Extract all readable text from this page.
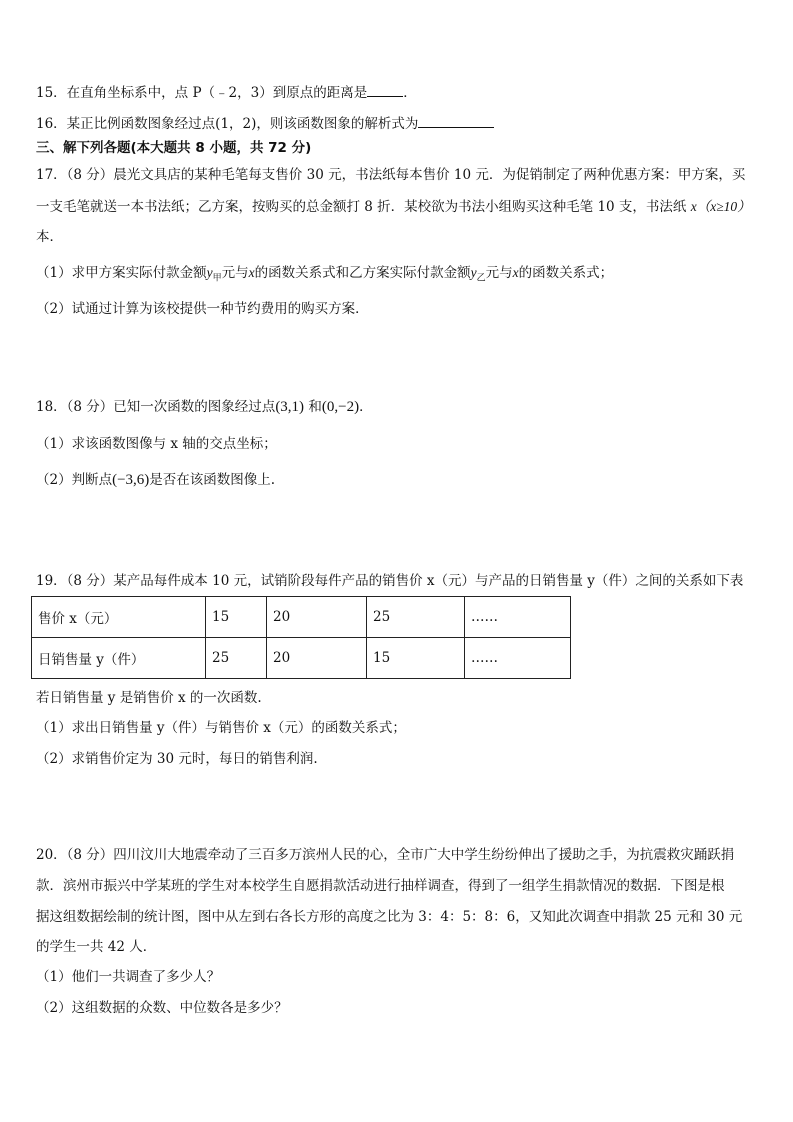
15．在直角坐标系中，点 P（﹣2，3）到原点的距离是	．
16．某正比例函数图象经过点(1，2)，则该函数图象的解析式为
三、解下列各题(本大题共 8 小题，共 72 分)
17．（8 分）晨光文具店的某种毛笔每支售价 30 元，书法纸每本售价 10 元．为促销制定了两种优惠方案：甲方案，买
一支毛笔就送一本书法纸；乙方案，按购买的总金额打 8 折．某校欲为书法小组购买这种毛笔 10 支，书法纸 x（x≥10）
本．
（1）求甲方案实际付款金额$y_甲$元与x的函数关系式和乙方案实际付款金额$y_乙$元与x的函数关系式；
（2）试通过计算为该校提供一种节约费用的购买方案．
18．（8 分）已知一次函数的图象经过点(3,1) 和(0,−2)．
（1）求该函数图像与 x 轴的交点坐标；
（2）判断点(−3,6)是否在该函数图像上.
19．（8 分）某产品每件成本 10 元，试销阶段每件产品的销售价 x（元）与产品的日销售量 y（件）之间的关系如下表
售价 x（元）	15	20	25	……
日销售量 y（件）	25	20	15	……
若日销售量 y 是销售价 x 的一次函数.
（1）求出日销售量 y（件）与销售价 x（元）的函数关系式；
（2）求销售价定为 30 元时，每日的销售利润.
20．（8 分）四川汶川大地震牵动了三百多万滨州人民的心，全市广大中学生纷纷伸出了援助之手，为抗震救灾踊跃捐
款．滨州市振兴中学某班的学生对本校学生自愿捐款活动进行抽样调查，得到了一组学生捐款情况的数据．下图是根
据这组数据绘制的统计图，图中从左到右各长方形的高度之比为 3：4：5：8：6，又知此次调查中捐款 25 元和 30 元
的学生一共 42 人．
（1）他们一共调查了多少人？
（2）这组数据的众数、中位数各是多少？
